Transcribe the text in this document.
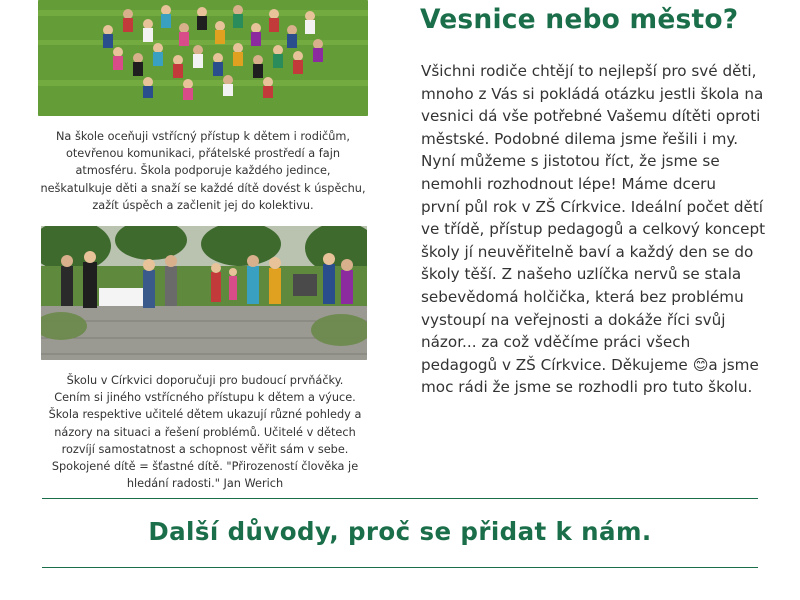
Na škole oceňuji vstřícný přístup k dětem i rodičům,
otevřenou komunikaci, přátelské prostředí a fajn
atmosféru. Škola podporuje každého jedince,
neškatulkuje děti a snaží se každé dítě dovést k úspěchu,
zažít úspěch a začlenit jej do kolektivu.
Školu v Církvici doporučuji pro budoucí prvňáčky.
Cením si jiného vstřícného přístupu k dětem a výuce.
Škola respektive učitelé dětem ukazují různé pohledy a
názory na situaci a řešení problémů. Učitelé v dětech
rozvíjí samostatnost a schopnost věřit sám v sebe.
Spokojené dítě = šťastné dítě. "Přirozeností člověka je
hledání radosti." Jan Werich
Vesnice nebo město?
Všichni rodiče chtějí to nejlepší pro své děti,
mnoho z Vás si pokládá otázku jestli škola na
vesnici dá vše potřebné Vašemu dítěti oproti
městské. Podobné dilema jsme řešili i my.
Nyní můžeme s jistotou říct, že jsme se
nemohli rozhodnout lépe! Máme dceru
první půl rok v ZŠ Církvice. Ideální počet dětí
ve třídě, přístup pedagogů a celkový koncept
školy jí neuvěřitelně baví a každý den se do
školy těší. Z našeho uzlíčka nervů se stala
sebevědomá holčička, která bez problému
vystoupí na veřejnosti a dokáže říci svůj
názor... za což vděčíme práci všech
pedagogů v ZŠ Církvice. Děkujeme 😊a jsme
moc rádi že jsme se rozhodli pro tuto školu.
Další důvody, proč se přidat k nám.
